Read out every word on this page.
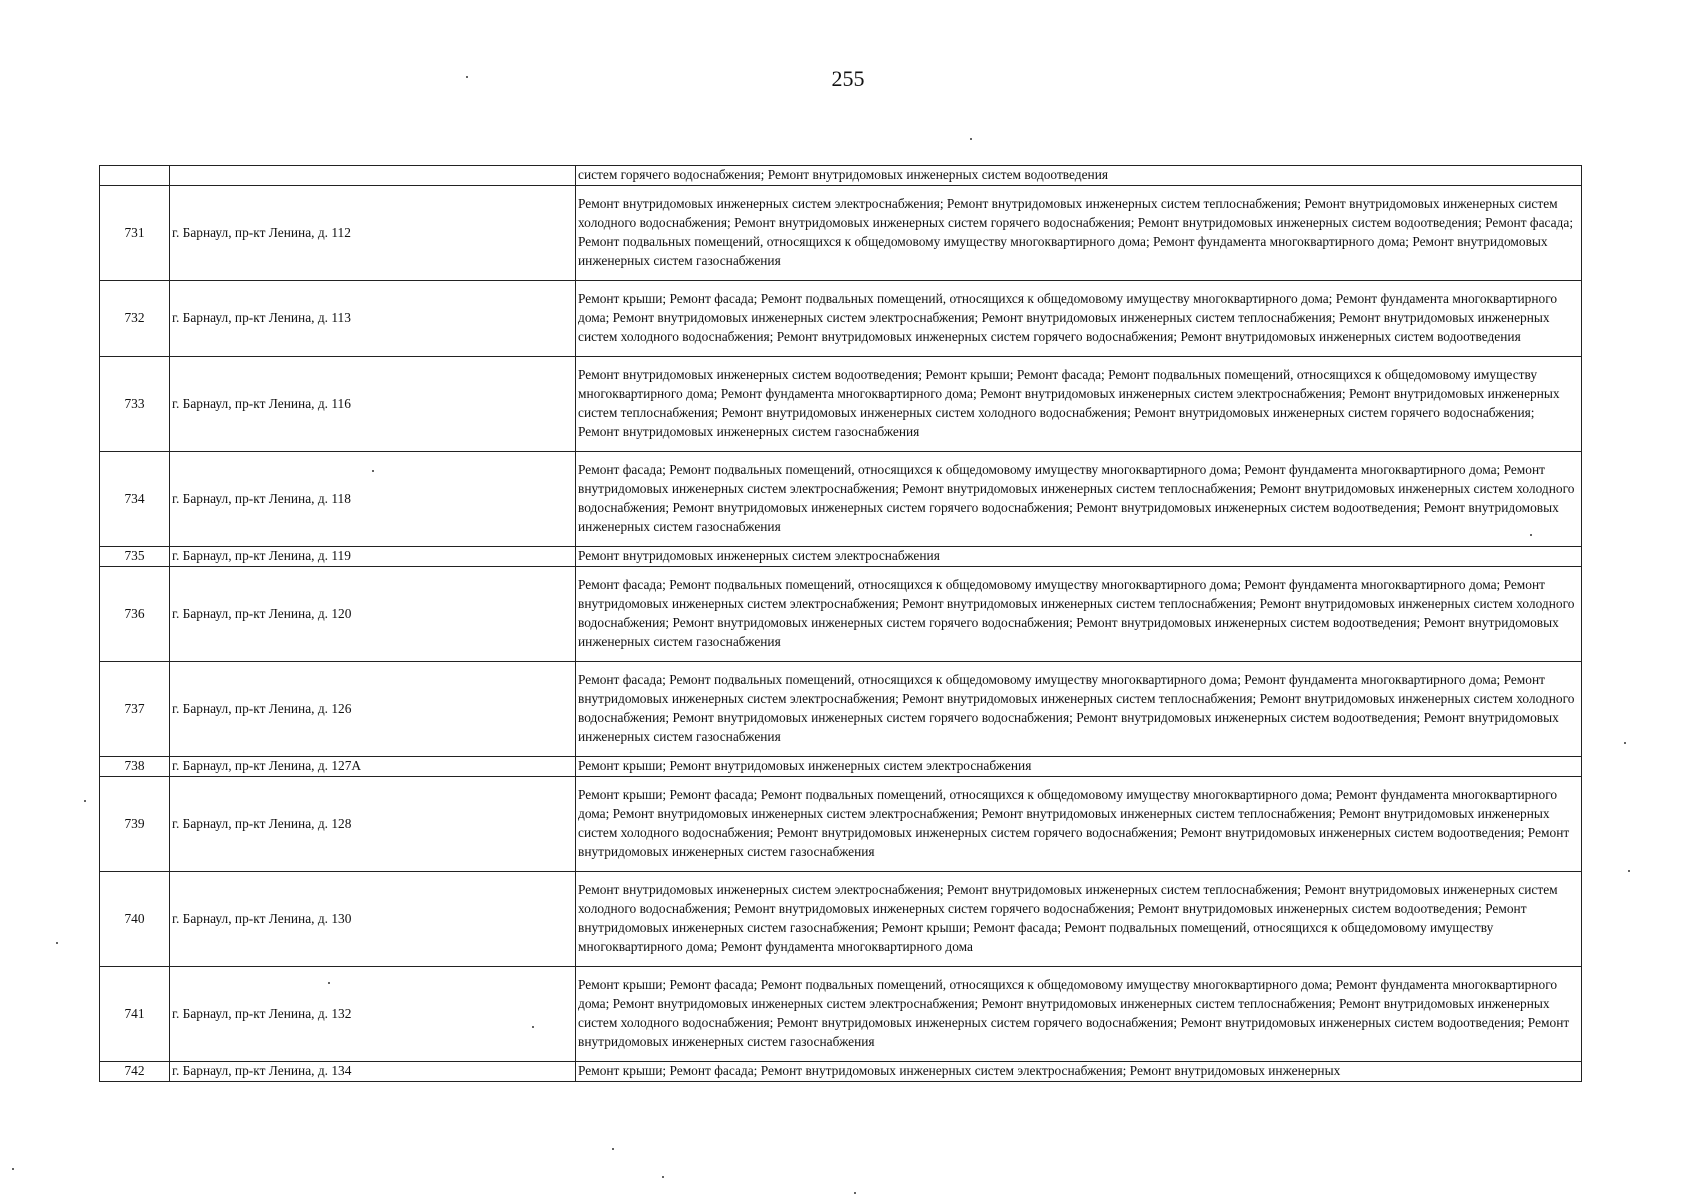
255
		систем горячего водоснабжения; Ремонт внутридомовых инженерных систем водоотведения
731	г. Барнаул, пр-кт Ленина, д. 112	Ремонт внутридомовых инженерных систем электроснабжения; Ремонт внутридомовых инженерных систем теплоснабжения; Ремонт внутридомовых инженерных систем холодного водоснабжения; Ремонт внутридомовых инженерных систем горячего водоснабжения; Ремонт внутридомовых инженерных систем водоотведения; Ремонт фасада; Ремонт подвальных помещений, относящихся к общедомовому имуществу многоквартирного дома; Ремонт фундамента многоквартирного дома; Ремонт внутридомовых инженерных систем газоснабжения
732	г. Барнаул, пр-кт Ленина, д. 113	Ремонт крыши; Ремонт фасада; Ремонт подвальных помещений, относящихся к общедомовому имуществу многоквартирного дома; Ремонт фундамента многоквартирного дома; Ремонт внутридомовых инженерных систем электроснабжения; Ремонт внутридомовых инженерных систем теплоснабжения; Ремонт внутридомовых инженерных систем холодного водоснабжения; Ремонт внутридомовых инженерных систем горячего водоснабжения; Ремонт внутридомовых инженерных систем водоотведения
733	г. Барнаул, пр-кт Ленина, д. 116	Ремонт внутридомовых инженерных систем водоотведения; Ремонт крыши; Ремонт фасада; Ремонт подвальных помещений, относящихся к общедомовому имуществу многоквартирного дома; Ремонт фундамента многоквартирного дома; Ремонт внутридомовых инженерных систем электроснабжения; Ремонт внутридомовых инженерных систем теплоснабжения; Ремонт внутридомовых инженерных систем холодного водоснабжения; Ремонт внутридомовых инженерных систем горячего водоснабжения; Ремонт внутридомовых инженерных систем газоснабжения
734	г. Барнаул, пр-кт Ленина, д. 118	Ремонт фасада; Ремонт подвальных помещений, относящихся к общедомовому имуществу многоквартирного дома; Ремонт фундамента многоквартирного дома; Ремонт внутридомовых инженерных систем электроснабжения; Ремонт внутридомовых инженерных систем теплоснабжения; Ремонт внутридомовых инженерных систем холодного водоснабжения; Ремонт внутридомовых инженерных систем горячего водоснабжения; Ремонт внутридомовых инженерных систем водоотведения; Ремонт внутридомовых инженерных систем газоснабжения
735	г. Барнаул, пр-кт Ленина, д. 119	Ремонт внутридомовых инженерных систем электроснабжения
736	г. Барнаул, пр-кт Ленина, д. 120	Ремонт фасада; Ремонт подвальных помещений, относящихся к общедомовому имуществу многоквартирного дома; Ремонт фундамента многоквартирного дома; Ремонт внутридомовых инженерных систем электроснабжения; Ремонт внутридомовых инженерных систем теплоснабжения; Ремонт внутридомовых инженерных систем холодного водоснабжения; Ремонт внутридомовых инженерных систем горячего водоснабжения; Ремонт внутридомовых инженерных систем водоотведения; Ремонт внутридомовых инженерных систем газоснабжения
737	г. Барнаул, пр-кт Ленина, д. 126	Ремонт фасада; Ремонт подвальных помещений, относящихся к общедомовому имуществу многоквартирного дома; Ремонт фундамента многоквартирного дома; Ремонт внутридомовых инженерных систем электроснабжения; Ремонт внутридомовых инженерных систем теплоснабжения; Ремонт внутридомовых инженерных систем холодного водоснабжения; Ремонт внутридомовых инженерных систем горячего водоснабжения; Ремонт внутридомовых инженерных систем водоотведения; Ремонт внутридомовых инженерных систем газоснабжения
738	г. Барнаул, пр-кт Ленина, д. 127А	Ремонт крыши; Ремонт внутридомовых инженерных систем электроснабжения
739	г. Барнаул, пр-кт Ленина, д. 128	Ремонт крыши; Ремонт фасада; Ремонт подвальных помещений, относящихся к общедомовому имуществу многоквартирного дома; Ремонт фундамента многоквартирного дома; Ремонт внутридомовых инженерных систем электроснабжения; Ремонт внутридомовых инженерных систем теплоснабжения; Ремонт внутридомовых инженерных систем холодного водоснабжения; Ремонт внутридомовых инженерных систем горячего водоснабжения; Ремонт внутридомовых инженерных систем водоотведения; Ремонт внутридомовых инженерных систем газоснабжения
740	г. Барнаул, пр-кт Ленина, д. 130	Ремонт внутридомовых инженерных систем электроснабжения; Ремонт внутридомовых инженерных систем теплоснабжения; Ремонт внутридомовых инженерных систем холодного водоснабжения; Ремонт внутридомовых инженерных систем горячего водоснабжения; Ремонт внутридомовых инженерных систем водоотведения; Ремонт внутридомовых инженерных систем газоснабжения; Ремонт крыши; Ремонт фасада; Ремонт подвальных помещений, относящихся к общедомовому имуществу многоквартирного дома; Ремонт фундамента многоквартирного дома
741	г. Барнаул, пр-кт Ленина, д. 132	Ремонт крыши; Ремонт фасада; Ремонт подвальных помещений, относящихся к общедомовому имуществу многоквартирного дома; Ремонт фундамента многоквартирного дома; Ремонт внутридомовых инженерных систем электроснабжения; Ремонт внутридомовых инженерных систем теплоснабжения; Ремонт внутридомовых инженерных систем холодного водоснабжения; Ремонт внутридомовых инженерных систем горячего водоснабжения; Ремонт внутридомовых инженерных систем водоотведения; Ремонт внутридомовых инженерных систем газоснабжения
742	г. Барнаул, пр-кт Ленина, д. 134	Ремонт крыши; Ремонт фасада; Ремонт внутридомовых инженерных систем электроснабжения; Ремонт внутридомовых инженерных
